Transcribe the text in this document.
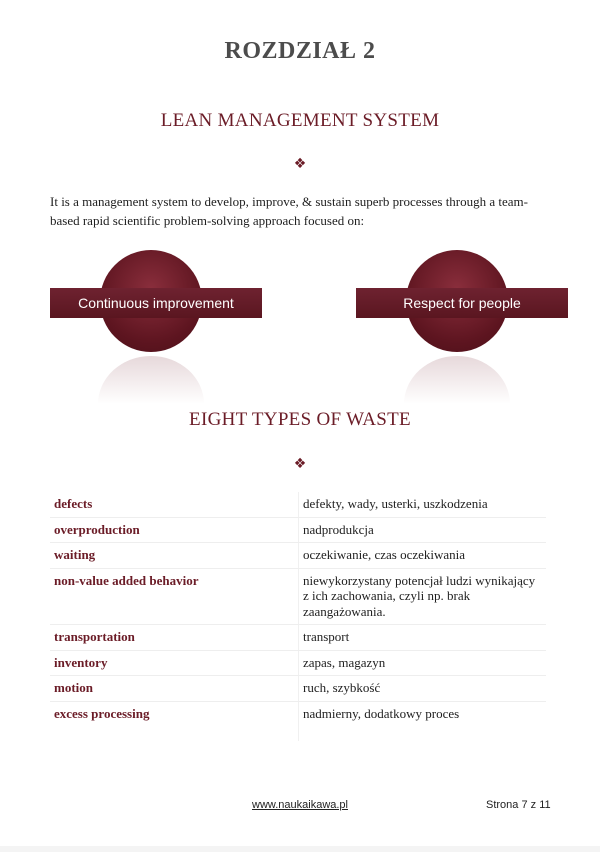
ROZDZIAŁ 2
LEAN MANAGEMENT SYSTEM
❖

It is a management system to develop, improve, & sustain superb processes through a team-based rapid scientific problem-solving approach focused on:

Continuous improvement	Respect for people
EIGHT TYPES OF WASTE
❖
defects	defekty, wady, usterki, uszkodzenia
overproduction	nadprodukcja
waiting	oczekiwanie, czas oczekiwania
non-value added behavior	niewykorzystany potencjał ludzi wynikający z ich zachowania, czyli np. brak zaangażowania.
transportation	transport
inventory	zapas, magazyn
motion	ruch, szybkość
excess processing	nadmierny, dodatkowy proces
www.naukaikawa.pl	Strona 7 z 11
